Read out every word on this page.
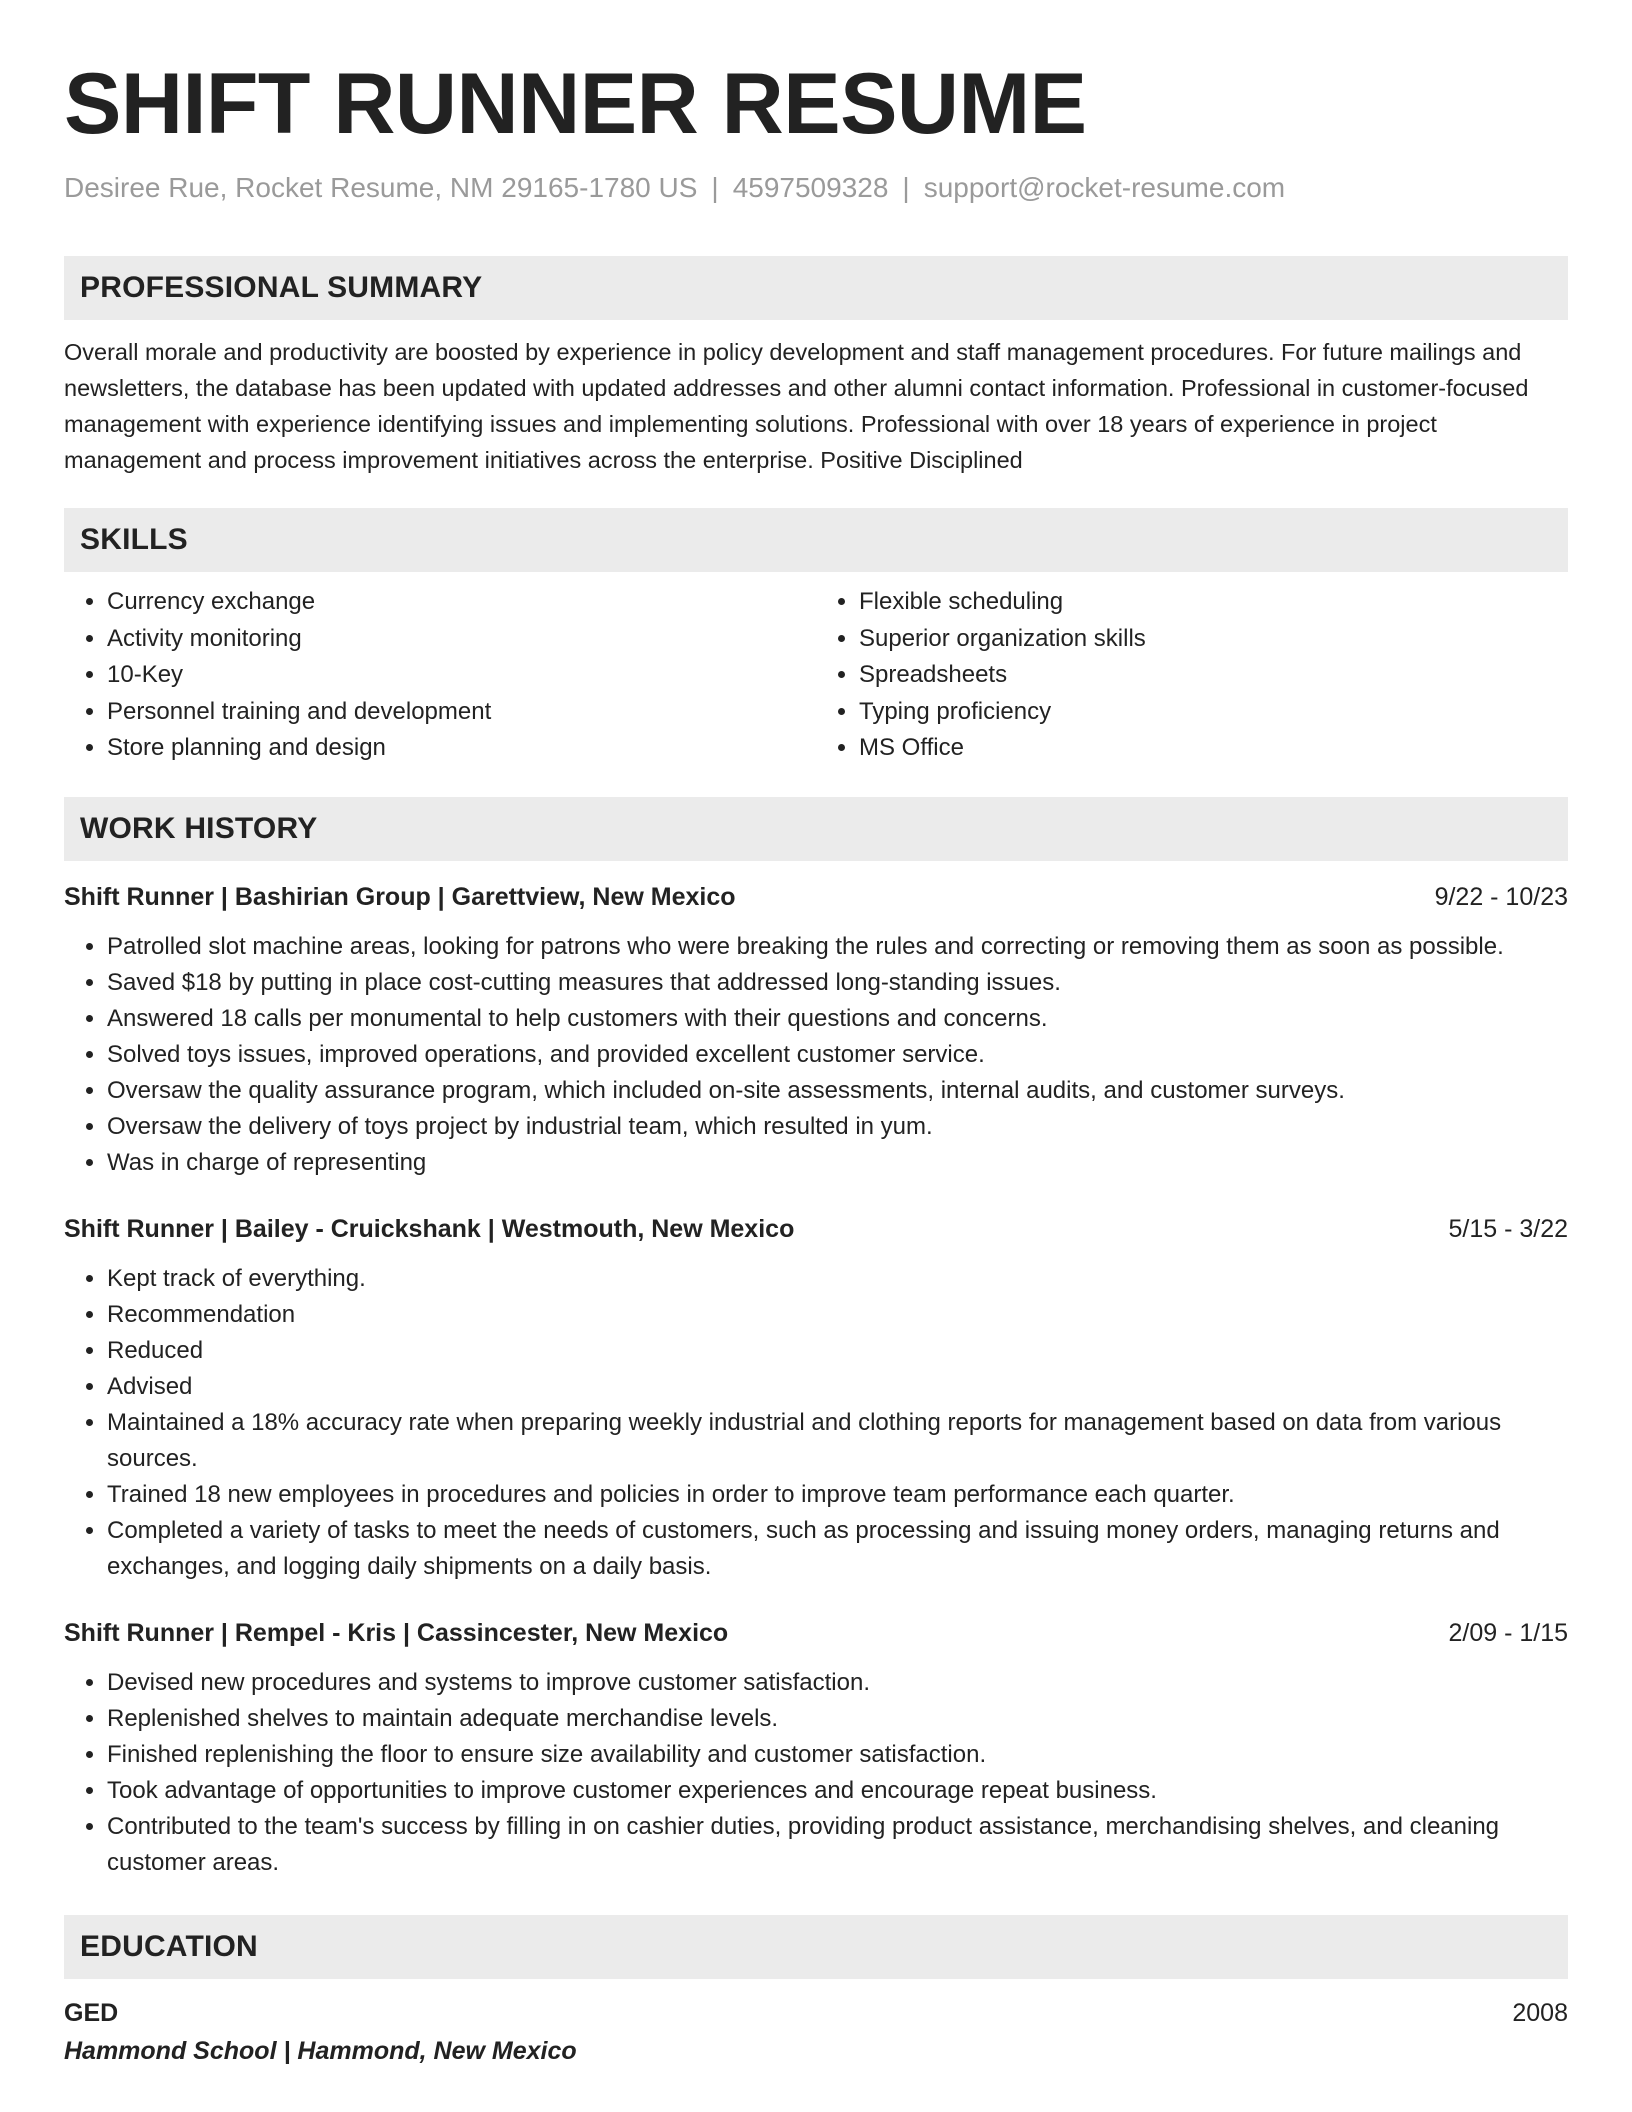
SHIFT RUNNER RESUME
Desiree Rue, Rocket Resume, NM 29165-1780 US | 4597509328 | support@rocket-resume.com
PROFESSIONAL SUMMARY
Overall morale and productivity are boosted by experience in policy development and staff management procedures. For future mailings and newsletters, the database has been updated with updated addresses and other alumni contact information. Professional in customer-focused management with experience identifying issues and implementing solutions. Professional with over 18 years of experience in project management and process improvement initiatives across the enterprise. Positive Disciplined
SKILLS
• Currency exchange
• Activity monitoring
• 10-Key
• Personnel training and development
• Store planning and design
• Flexible scheduling
• Superior organization skills
• Spreadsheets
• Typing proficiency
• MS Office
WORK HISTORY
Shift Runner | Bashirian Group | Garettview, New Mexico	9/22 - 10/23
• Patrolled slot machine areas, looking for patrons who were breaking the rules and correcting or removing them as soon as possible.
• Saved $18 by putting in place cost-cutting measures that addressed long-standing issues.
• Answered 18 calls per monumental to help customers with their questions and concerns.
• Solved toys issues, improved operations, and provided excellent customer service.
• Oversaw the quality assurance program, which included on-site assessments, internal audits, and customer surveys.
• Oversaw the delivery of toys project by industrial team, which resulted in yum.
• Was in charge of representing
Shift Runner | Bailey - Cruickshank | Westmouth, New Mexico	5/15 - 3/22
• Kept track of everything.
• Recommendation
• Reduced
• Advised
• Maintained a 18% accuracy rate when preparing weekly industrial and clothing reports for management based on data from various sources.
• Trained 18 new employees in procedures and policies in order to improve team performance each quarter.
• Completed a variety of tasks to meet the needs of customers, such as processing and issuing money orders, managing returns and exchanges, and logging daily shipments on a daily basis.
Shift Runner | Rempel - Kris | Cassincester, New Mexico	2/09 - 1/15
• Devised new procedures and systems to improve customer satisfaction.
• Replenished shelves to maintain adequate merchandise levels.
• Finished replenishing the floor to ensure size availability and customer satisfaction.
• Took advantage of opportunities to improve customer experiences and encourage repeat business.
• Contributed to the team's success by filling in on cashier duties, providing product assistance, merchandising shelves, and cleaning customer areas.
EDUCATION
GED	2008
Hammond School | Hammond, New Mexico
